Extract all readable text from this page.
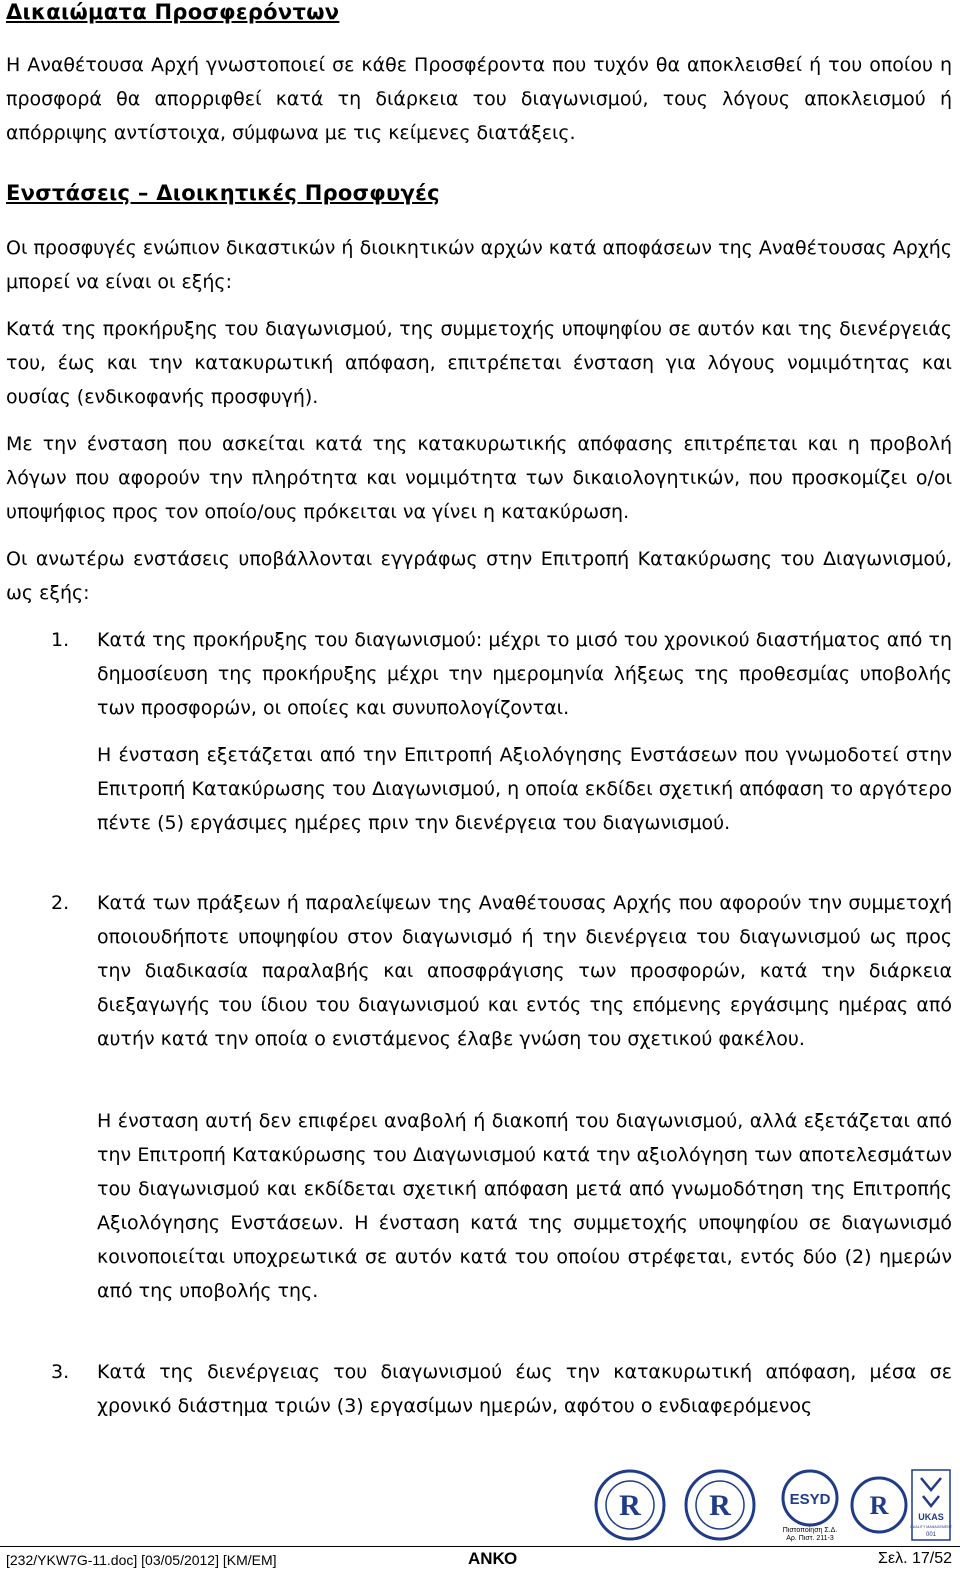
Δικαιώματα Προσφερόντων
Η Αναθέτουσα Αρχή γνωστοποιεί σε κάθε Προσφέροντα που τυχόν θα αποκλεισθεί ή του οποίου η προσφορά θα απορριφθεί κατά τη διάρκεια του διαγωνισμού, τους λόγους αποκλεισμού ή απόρριψης αντίστοιχα, σύμφωνα με τις κείμενες διατάξεις.
Ενστάσεις – Διοικητικές Προσφυγές
Οι προσφυγές ενώπιον δικαστικών ή διοικητικών αρχών κατά αποφάσεων της Αναθέτουσας Αρχής μπορεί να είναι οι εξής:
Κατά της προκήρυξης του διαγωνισμού, της συμμετοχής υποψηφίου σε αυτόν και της διενέργειάς του, έως και την κατακυρωτική απόφαση, επιτρέπεται ένσταση για λόγους νομιμότητας και ουσίας (ενδικοφανής προσφυγή).
Με την ένσταση που ασκείται κατά της κατακυρωτικής απόφασης επιτρέπεται και η προβολή λόγων που αφορούν την πληρότητα και νομιμότητα των δικαιολογητικών, που προσκομίζει ο/οι υποψήφιος προς τον οποίο/ους πρόκειται να γίνει η κατακύρωση.
Οι ανωτέρω ενστάσεις υποβάλλονται εγγράφως στην Επιτροπή Κατακύρωσης του Διαγωνισμού, ως εξής:
1. Κατά της προκήρυξης του διαγωνισμού: μέχρι το μισό του χρονικού διαστήματος από τη δημοσίευση της προκήρυξης μέχρι την ημερομηνία λήξεως της προθεσμίας υποβολής των προσφορών, οι οποίες και συνυπολογίζονται.
Η ένσταση εξετάζεται από την Επιτροπή Αξιολόγησης Ενστάσεων που γνωμοδοτεί στην Επιτροπή Κατακύρωσης του Διαγωνισμού, η οποία εκδίδει σχετική απόφαση το αργότερο πέντε (5) εργάσιμες ημέρες πριν την διενέργεια του διαγωνισμού.
2. Κατά των πράξεων ή παραλείψεων της Αναθέτουσας Αρχής που αφορούν την συμμετοχή οποιουδήποτε υποψηφίου στον διαγωνισμό ή την διενέργεια του διαγωνισμού ως προς την διαδικασία παραλαβής και αποσφράγισης των προσφορών, κατά την διάρκεια διεξαγωγής του ίδιου του διαγωνισμού και εντός της επόμενης εργάσιμης ημέρας από αυτήν κατά την οποία ο ενιστάμενος έλαβε γνώση του σχετικού φακέλου.
Η ένσταση αυτή δεν επιφέρει αναβολή ή διακοπή του διαγωνισμού, αλλά εξετάζεται από την Επιτροπή Κατακύρωσης του Διαγωνισμού κατά την αξιολόγηση των αποτελεσμάτων του διαγωνισμού και εκδίδεται σχετική απόφαση μετά από γνωμοδότηση της Επιτροπής Αξιολόγησης Ενστάσεων. Η ένσταση κατά της συμμετοχής υποψηφίου σε διαγωνισμό κοινοποιείται υποχρεωτικά σε αυτόν κατά του οποίου στρέφεται, εντός δύο (2) ημερών από της υποβολής της.
3. Κατά της διενέργειας του διαγωνισμού έως την κατακυρωτική απόφαση, μέσα σε χρονικό διάστημα τριών (3) εργασίμων ημερών, αφότου ο ενδιαφερόμενος
R R	ESYD
Πιστοποίηση Σ.Δ.
Αρ. Πιστ. 211-3
R	UKAS
QUALITY MANAGEMENT
001
[232/YKW7G-11.doc] [03/05/2012] [KM/EM]	ΑΝΚΟ	Σελ. 17/52
